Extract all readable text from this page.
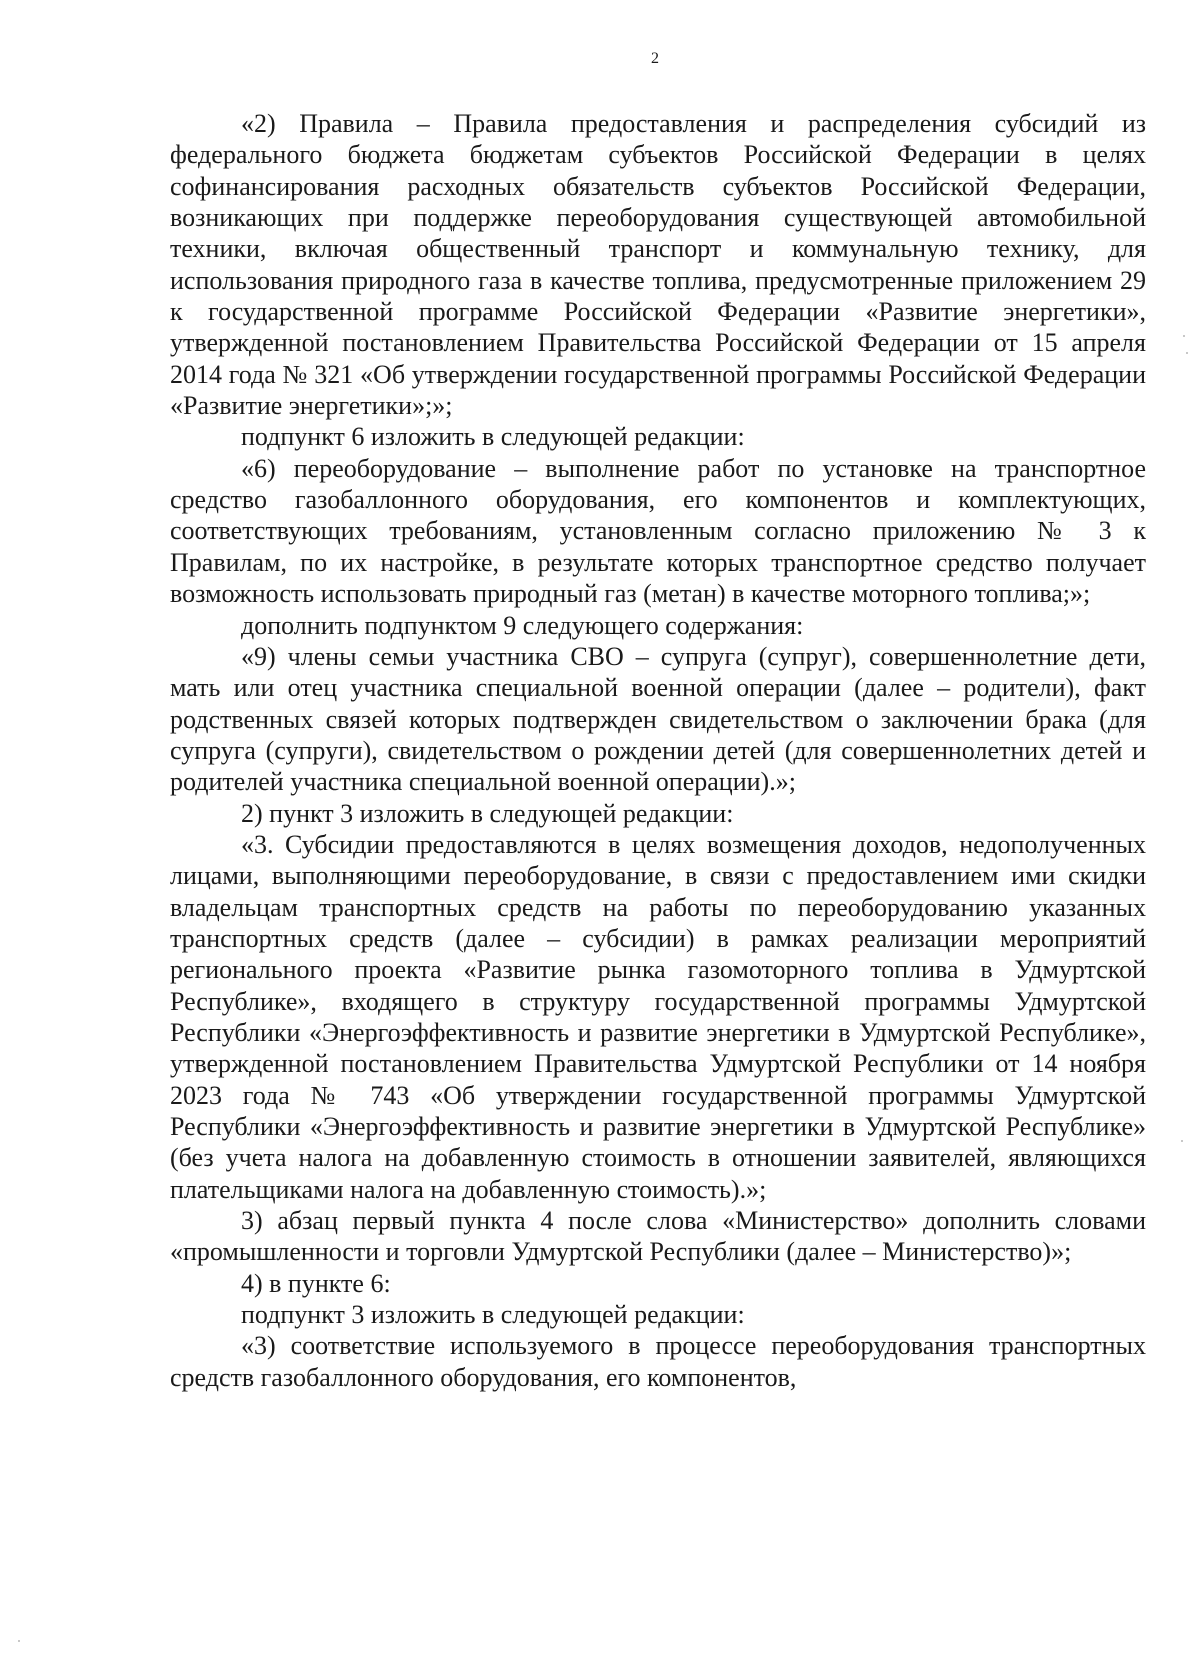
2

«2) Правила – Правила предоставления и распределения субсидий из федерального бюджета бюджетам субъектов Российской Федерации в целях софинансирования расходных обязательств субъектов Российской Федерации, возникающих при поддержке переоборудования существующей автомобильной техники, включая общественный транспорт и коммунальную технику, для использования природного газа в качестве топлива, предусмотренные приложением 29 к государственной программе Российской Федерации «Развитие энергетики», утвержденной постановлением Правительства Российской Федерации от 15 апреля 2014 года № 321 «Об утверждении государственной программы Российской Федерации «Развитие энергетики»;»;

подпункт 6 изложить в следующей редакции:

«6) переоборудование – выполнение работ по установке на транспортное средство газобаллонного оборудования, его компонентов и комплектующих, соответствующих требованиям, установленным согласно приложению № 3 к Правилам, по их настройке, в результате которых транспортное средство получает возможность использовать природный газ (метан) в качестве моторного топлива;»;

дополнить подпунктом 9 следующего содержания:

«9) члены семьи участника СВО – супруга (супруг), совершеннолетние дети, мать или отец участника специальной военной операции (далее – родители), факт родственных связей которых подтвержден свидетельством о заключении брака (для супруга (супруги), свидетельством о рождении детей (для совершеннолетних детей и родителей участника специальной военной операции).»;

2) пункт 3 изложить в следующей редакции:

«3. Субсидии предоставляются в целях возмещения доходов, недополученных лицами, выполняющими переоборудование, в связи с предоставлением ими скидки владельцам транспортных средств на работы по переоборудованию указанных транспортных средств (далее – субсидии) в рамках реализации мероприятий регионального проекта «Развитие рынка газомоторного топлива в Удмуртской Республике», входящего в структуру государственной программы Удмуртской Республики «Энергоэффективность и развитие энергетики в Удмуртской Республике», утвержденной постановлением Правительства Удмуртской Республики от 14 ноября 2023 года № 743 «Об утверждении государственной программы Удмуртской Республики «Энергоэффективность и развитие энергетики в Удмуртской Республике» (без учета налога на добавленную стоимость в отношении заявителей, являющихся плательщиками налога на добавленную стоимость).»;

3) абзац первый пункта 4 после слова «Министерство» дополнить словами «промышленности и торговли Удмуртской Республики (далее – Министерство)»;

4) в пункте 6:

подпункт 3 изложить в следующей редакции:

«3) соответствие используемого в процессе переоборудования транспортных средств газобаллонного оборудования, его компонентов,
